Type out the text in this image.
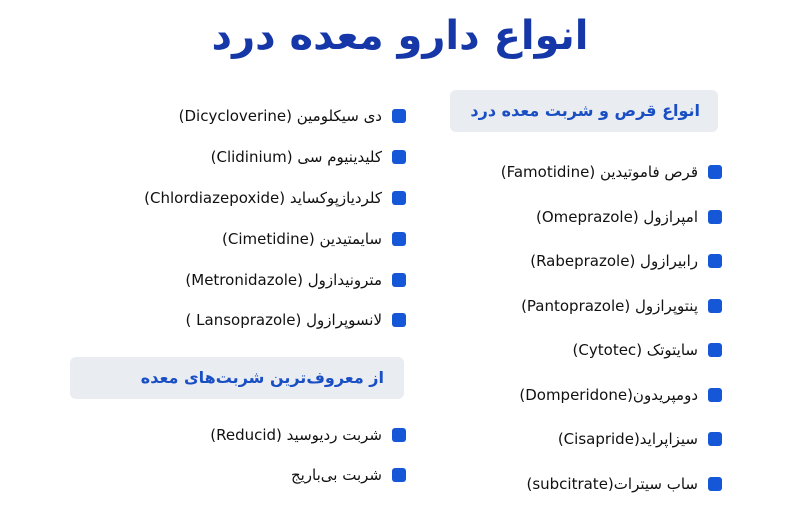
انواع دارو معده درد
انواع قرص و شربت معده درد
قرص فاموتیدین (Famotidine)
امپرازول (Omeprazole)
رابیرازول (Rabeprazole)
پنتوپرازول (Pantoprazole)
سایتوتک (Cytotec)
دومپریدون(Domperidone)
سیزاپراید(Cisapride)
ساب سیترات(subcitrate)
دی سیکلومین (Dicycloverine)
کلیدینیوم سی (Clidinium)
کلردیازپوکساید (Chlordiazepoxide)
سایمتیدین (Cimetidine)
مترونیدازول (Metronidazole)
لانسوپرازول (Lansoprazole )
از معروف‌ترین شربت‌های معده
شربت ردیوسید (Reducid)
شربت بی‌باریج
